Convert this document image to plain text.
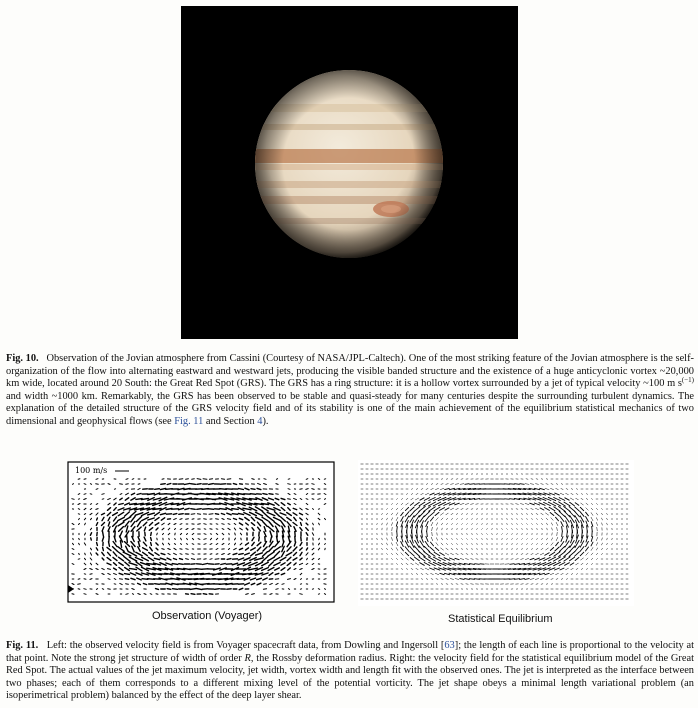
Fig. 10. Observation of the Jovian atmosphere from Cassini (Courtesy of NASA/JPL-Caltech). One of the most striking feature of the Jovian atmosphere is the self-organization of the flow into alternating eastward and westward jets, producing the visible banded structure and the existence of a huge anticyclonic vortex ~20,000 km wide, located around 20 South: the Great Red Spot (GRS). The GRS has a ring structure: it is a hollow vortex surrounded by a jet of typical velocity ~100 m $s^{(-1)}$ and width ~1000 km. Remarkably, the GRS has been observed to be stable and quasi-steady for many centuries despite the surrounding turbulent dynamics. The explanation of the detailed structure of the GRS velocity field and of its stability is one of the main achievement of the equilibrium statistical mechanics of two dimensional and geophysical flows (see Fig. 11 and Section 4).
100 m/s
Observation (Voyager)	Statistical Equilibrium
Fig. 11. Left: the observed velocity field is from Voyager spacecraft data, from Dowling and Ingersoll [63]; the length of each line is proportional to the velocity at that point. Note the strong jet structure of width of order R, the Rossby deformation radius. Right: the velocity field for the statistical equilibrium model of the Great Red Spot. The actual values of the jet maximum velocity, jet width, vortex width and length fit with the observed ones. The jet is interpreted as the interface between two phases; each of them corresponds to a different mixing level of the potential vorticity. The jet shape obeys a minimal length variational problem (an isoperimetrical problem) balanced by the effect of the deep layer shear.
